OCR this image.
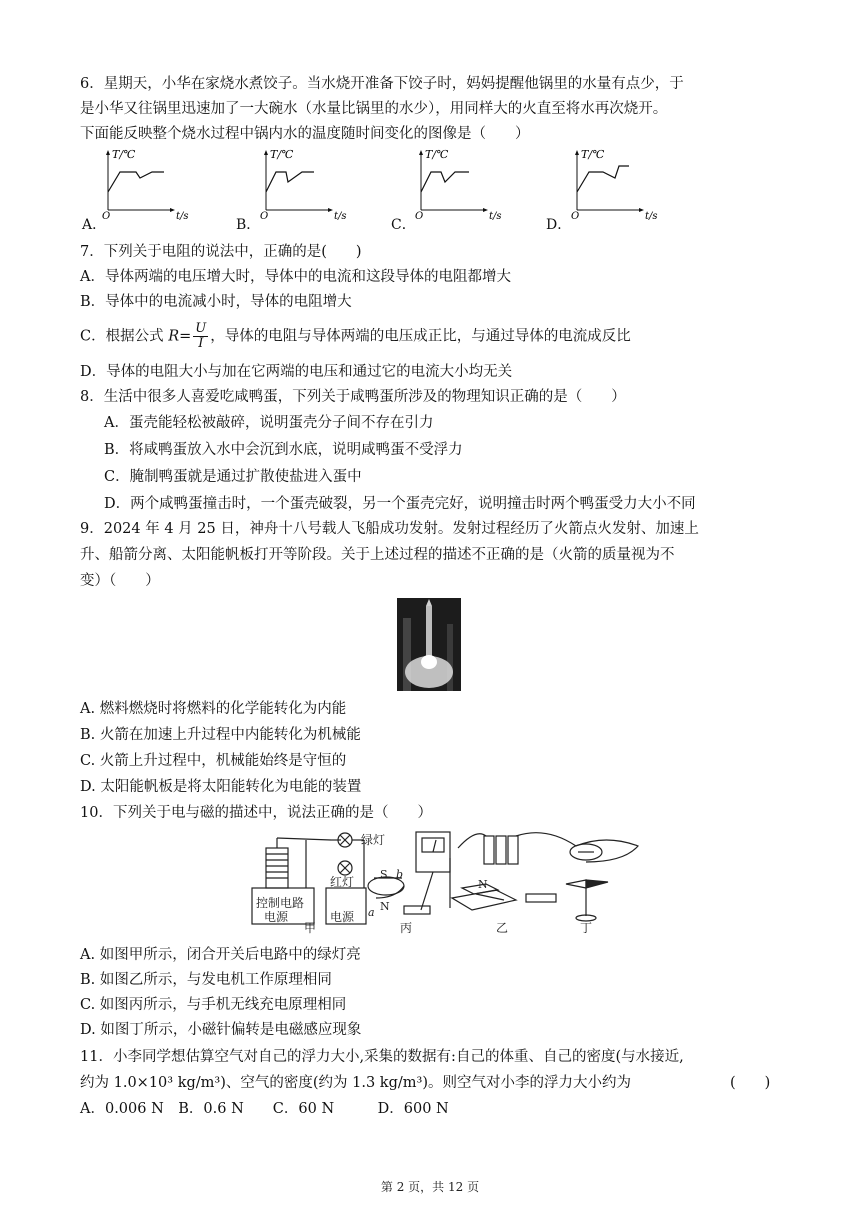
6．星期天，小华在家烧水煮饺子。当水烧开准备下饺子时，妈妈提醒他锅里的水量有点少，于
是小华又往锅里迅速加了一大碗水（水量比锅里的水少），用同样大的火直至将水再次烧开。
下面能反映整个烧水过程中锅内水的温度随时间变化的图像是（　　）
T/℃
O	t/s
T/℃
O	t/s
T/℃
O	t/s
T/℃
O	t/s
A．	B．	C．	D．
7．下列关于电阻的说法中，正确的是(　　)
A．导体两端的电压增大时，导体中的电流和这段导体的电阻都增大
B．导体中的电流减小时，导体的电阻增大
C．根据公式 $R= \frac{U}{I}$ ，导体的电阻与导体两端的电压成正比，与通过导体的电流成反比
D．导体的电阻大小与加在它两端的电压和通过它的电流大小均无关
8．生活中很多人喜爱吃咸鸭蛋，下列关于咸鸭蛋所涉及的物理知识正确的是（　　）
A．蛋壳能轻松被敲碎，说明蛋壳分子间不存在引力
B．将咸鸭蛋放入水中会沉到水底，说明咸鸭蛋不受浮力
C．腌制鸭蛋就是通过扩散使盐进入蛋中
D．两个咸鸭蛋撞击时，一个蛋壳破裂，另一个蛋壳完好，说明撞击时两个鸭蛋受力大小不同
9．2024 年 4 月 25 日，神舟十八号载人飞船成功发射。发射过程经历了火箭点火发射、加速上
升、船箭分离、太阳能帆板打开等阶段。关于上述过程的描述不正确的是（火箭的质量视为不
变）（　　）
A. 燃料燃烧时将燃料的化学能转化为内能
B. 火箭在加速上升过程中内能转化为机械能
C. 火箭上升过程中，机械能始终是守恒的
D. 太阳能帆板是将太阳能转化为电能的装置
10．下列关于电与磁的描述中，说法正确的是（　　）
绿灯
红灯
控制电路
电源	电源
甲
S
N
a
b
丙
N
乙	丁
A. 如图甲所示，闭合开关后电路中的绿灯亮
B. 如图乙所示，与发电机工作原理相同
C. 如图丙所示，与手机无线充电原理相同
D. 如图丁所示，小磁针偏转是电磁感应现象
11．小李同学想估算空气对自己的浮力大小,采集的数据有:自己的体重、自己的密度(与水接近,
约为 1.0×10³ kg/m³)、空气的密度(约为 1.3 kg/m³)。则空气对小李的浮力大小约为	(　　)
A．0.006 N　B．0.6 N　　C．60 N　　　D．600 N
第 2 页，共 12 页
